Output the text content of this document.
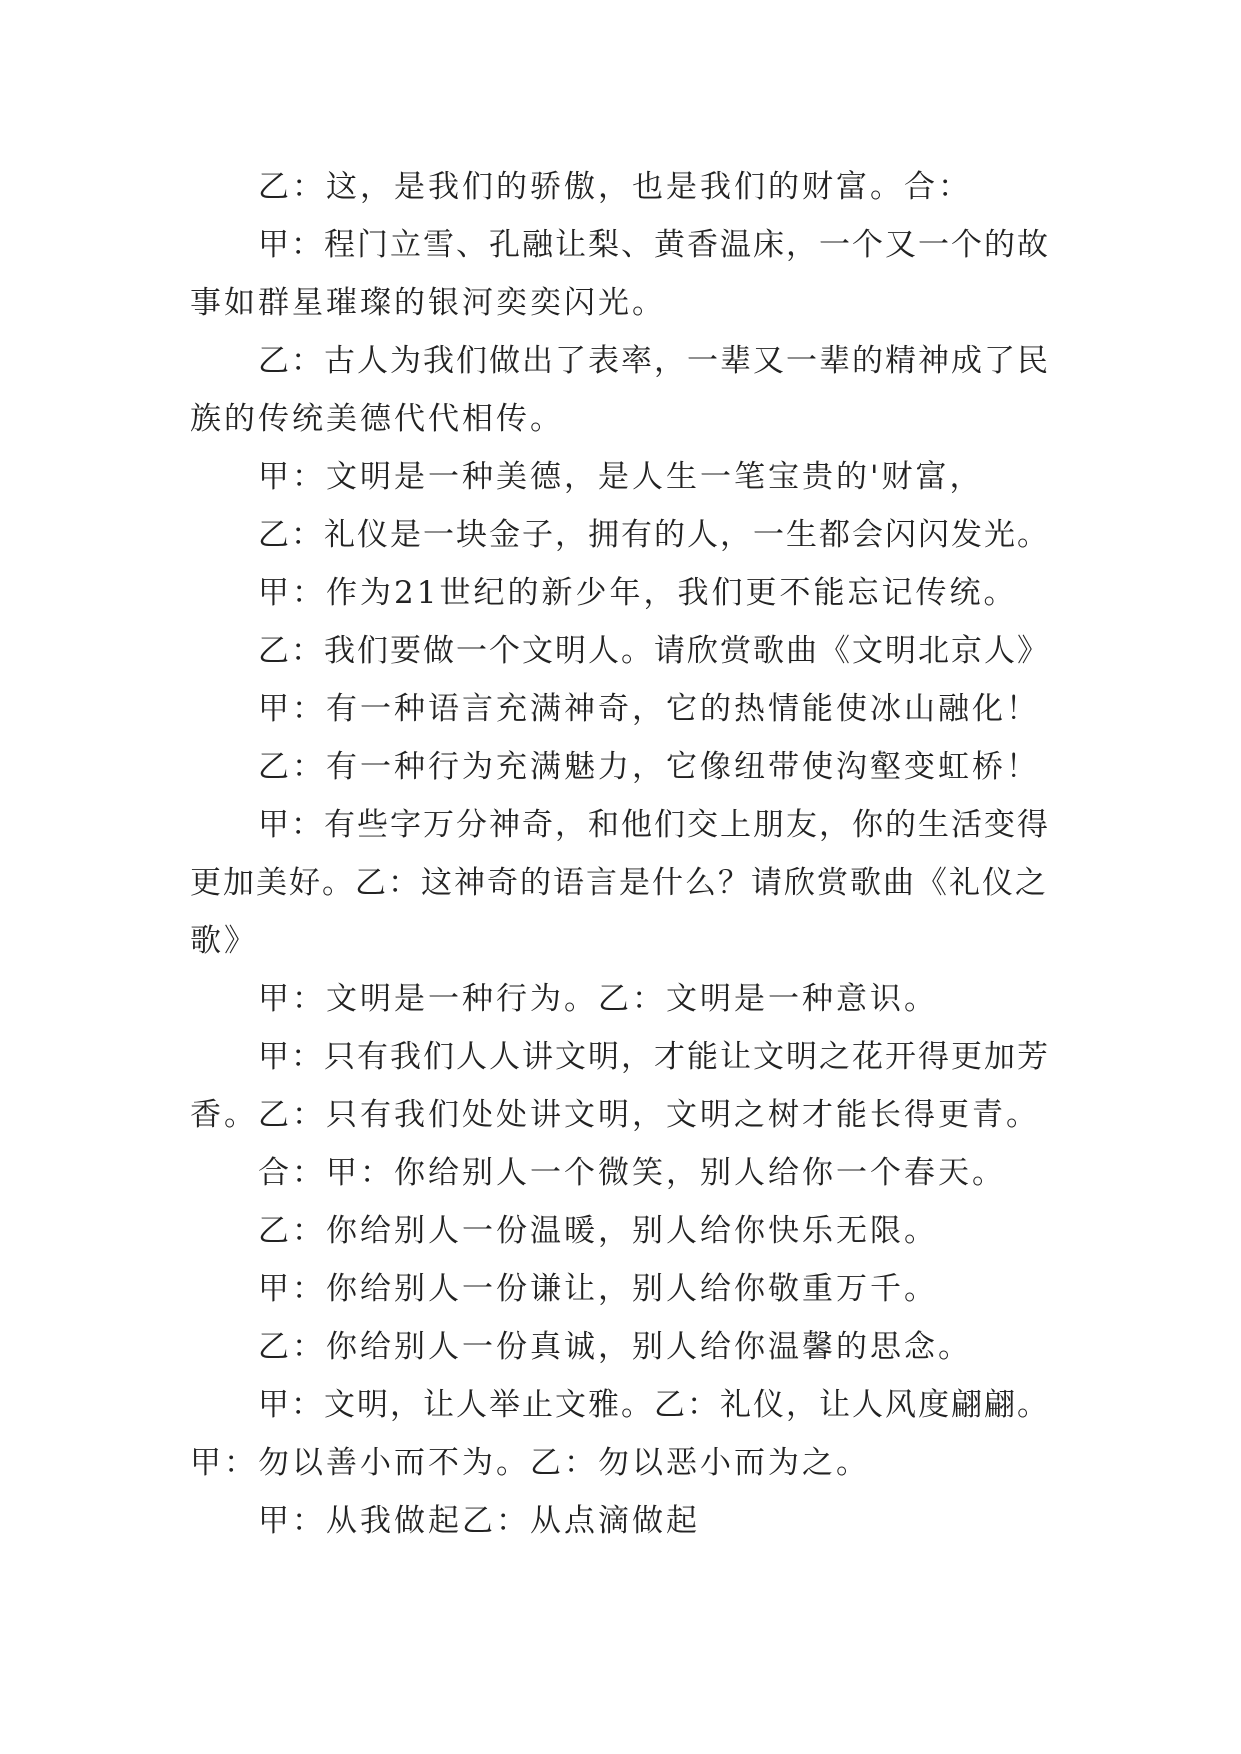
乙：这，是我们的骄傲，也是我们的财富。合：

甲：程门立雪、孔融让梨、黄香温床，一个又一个的故

事如群星璀璨的银河奕奕闪光。

乙：古人为我们做出了表率，一辈又一辈的精神成了民

族的传统美德代代相传。

甲：文明是一种美德，是人生一笔宝贵的'财富，

乙：礼仪是一块金子，拥有的人，一生都会闪闪发光。

甲：作为21世纪的新少年，我们更不能忘记传统。

乙：我们要做一个文明人。请欣赏歌曲《文明北京人》

甲：有一种语言充满神奇，它的热情能使冰山融化！

乙：有一种行为充满魅力，它像纽带使沟壑变虹桥！

甲：有些字万分神奇，和他们交上朋友，你的生活变得

更加美好。乙：这神奇的语言是什么？请欣赏歌曲《礼仪之

歌》

甲：文明是一种行为。乙：文明是一种意识。

甲：只有我们人人讲文明，才能让文明之花开得更加芳

香。乙：只有我们处处讲文明，文明之树才能长得更青。

合：甲：你给别人一个微笑，别人给你一个春天。

乙：你给别人一份温暖，别人给你快乐无限。

甲：你给别人一份谦让，别人给你敬重万千。

乙：你给别人一份真诚，别人给你温馨的思念。

甲：文明，让人举止文雅。乙：礼仪，让人风度翩翩。

甲：勿以善小而不为。乙：勿以恶小而为之。

甲：从我做起乙：从点滴做起
